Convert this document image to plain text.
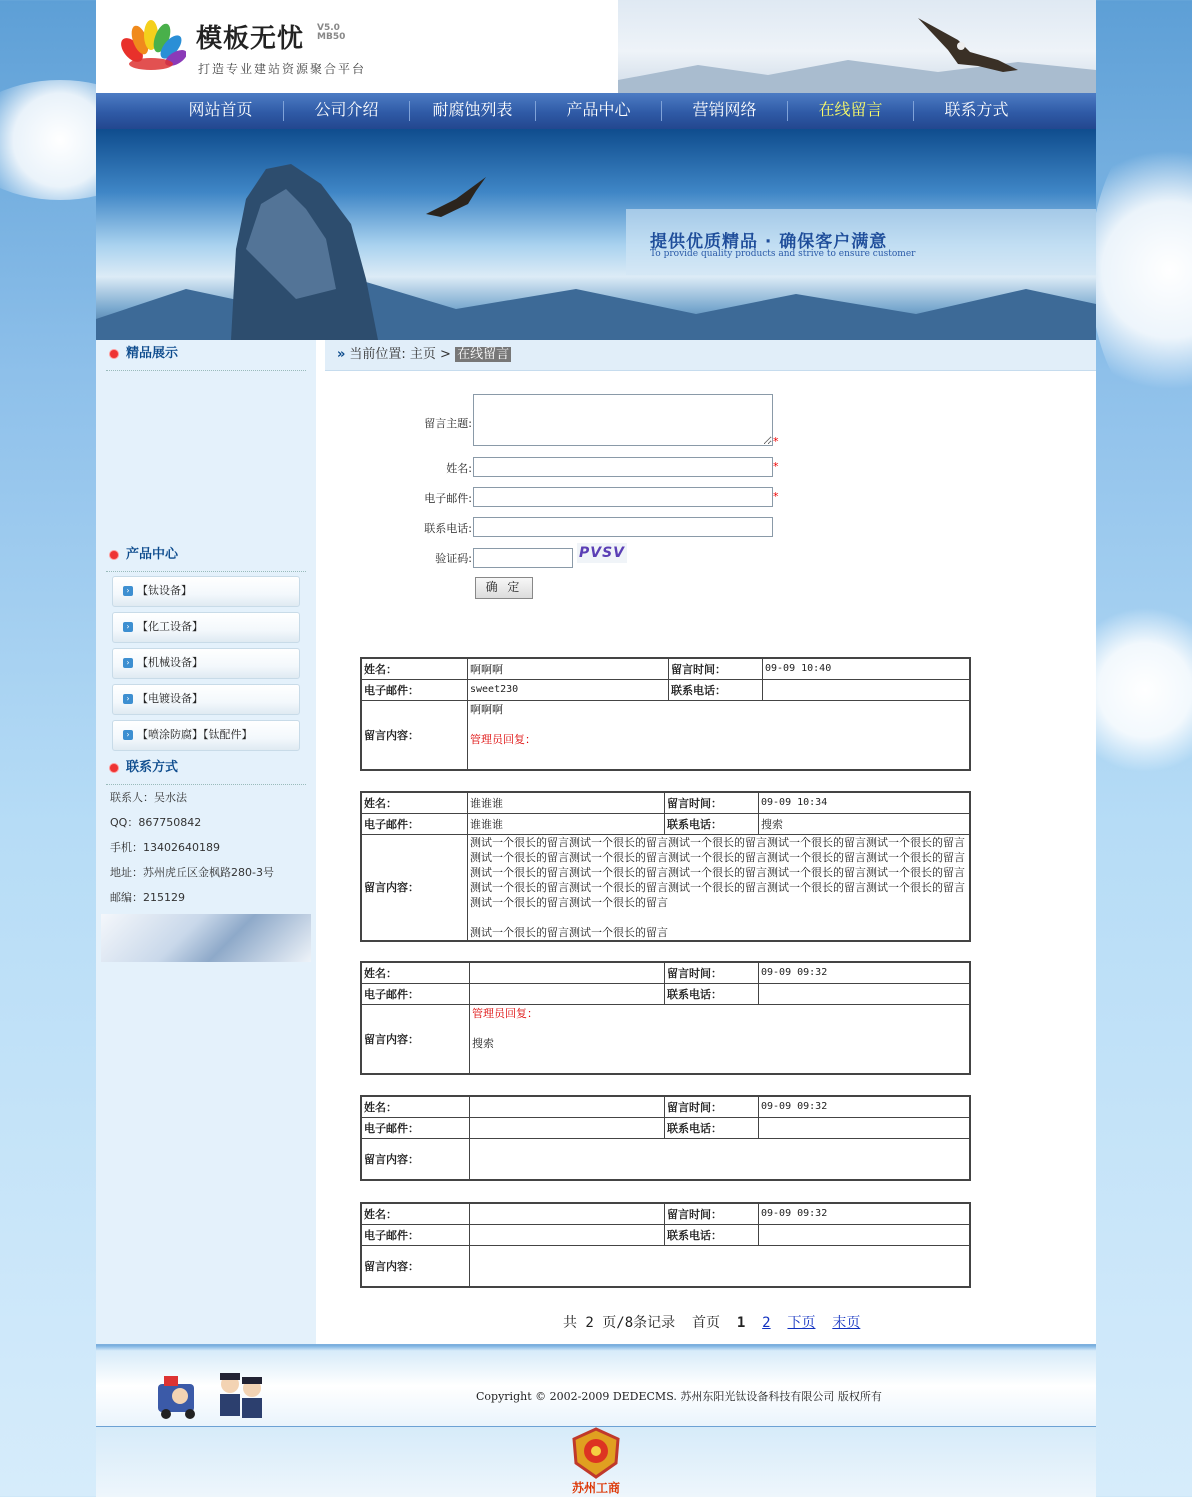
模板无忧 V5.0 MB50
打造专业建站资源聚合平台
网站首页	公司介绍	耐腐蚀列表	产品中心	营销网络	在线留言	联系方式
提供优质精品 · 确保客户满意
To provide quality products and strive to ensure customer
精品展示
产品中心
› 【钛设备】
› 【化工设备】
› 【机械设备】
› 【电镀设备】
› 【喷涂防腐】【钛配件】
联系方式
联系人：吴水法
QQ：867750842
手机：13402640189
地址：苏州虎丘区金枫路280-3号
邮编：215129
» 当前位置: 主页 > 在线留言
留言主题:
*
姓名:	*
电子邮件:	*
联系电话:
验证码:	PVSV
确 定
姓名：	啊啊啊	留言时间：	09-09 10:40
电子邮件：	sweet230	联系电话：	
留言内容：	啊啊啊
管理员回复：		
姓名：	谁谁谁	留言时间：	09-09 10:34
电子邮件：	谁谁谁	联系电话：	搜索
留言内容：	测试一个很长的留言测试一个很长的留言测试一个很长的留言测试一个很长的留言测试一个很长的留言测试一个很长的留言测试一个很长的留言测试一个很长的留言测试一个很长的留言测试一个很长的留言测试一个很长的留言测试一个很长的留言测试一个很长的留言测试一个很长的留言测试一个很长的留言测试一个很长的留言测试一个很长的留言测试一个很长的留言测试一个很长的留言测试一个很长的留言测试一个很长的留言测试一个很长的留言
测试一个很长的留言测试一个很长的留言		
姓名：		留言时间：	09-09 09:32
电子邮件：		联系电话：	
留言内容：	管理员回复：
搜索		
姓名：		留言时间：	09-09 09:32
电子邮件：		联系电话：	
留言内容：			
姓名：		留言时间：	09-09 09:32
电子邮件：		联系电话：	
留言内容：			
共 2 页/8条记录 首页 1 2 下页 末页
Copyright © 2002-2009 DEDECMS. 苏州东阳光钛设备科技有限公司 版权所有
苏州工商
